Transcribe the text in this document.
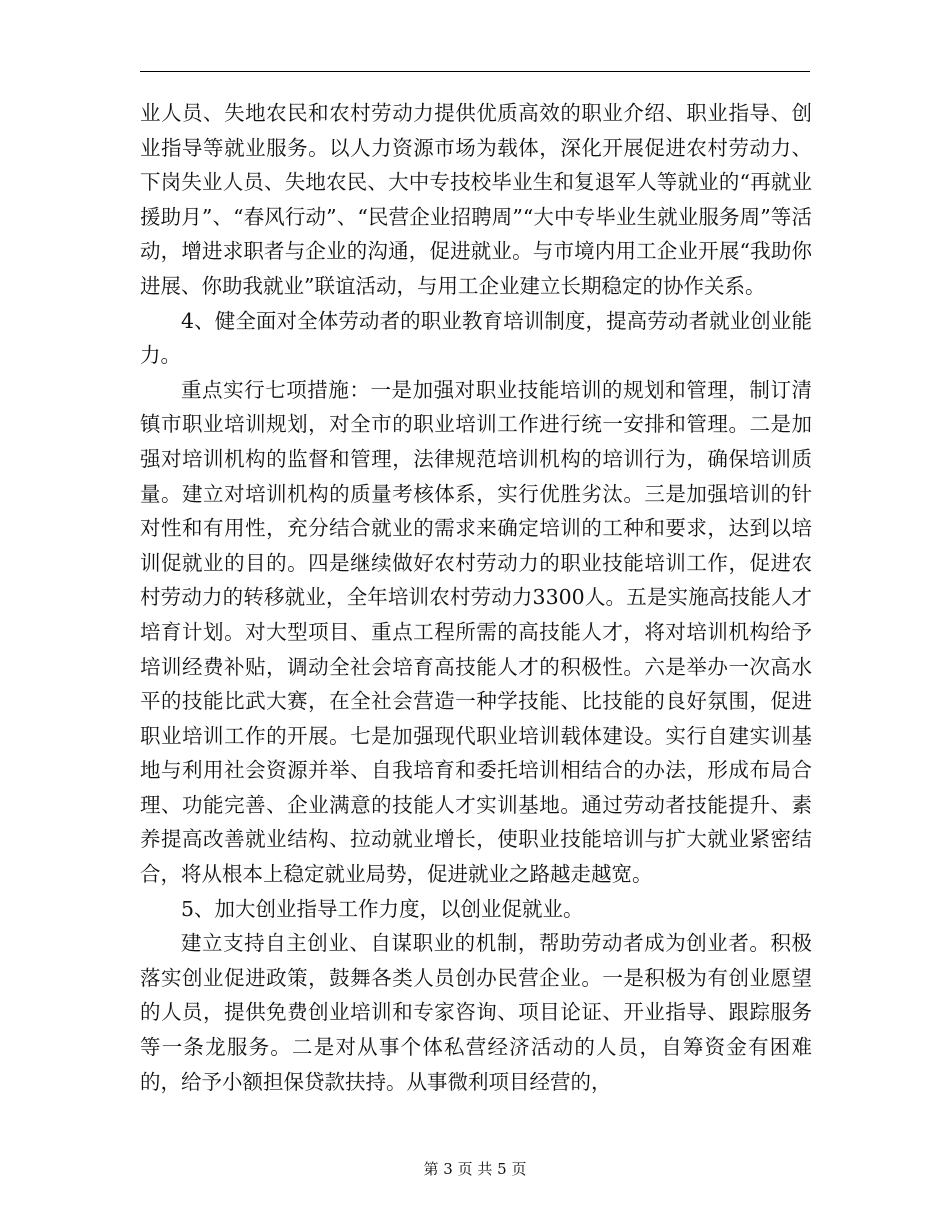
业人员、失地农民和农村劳动力提供优质高效的职业介绍、职业指导、创业指导等就业服务。以人力资源市场为载体，深化开展促进农村劳动力、下岗失业人员、失地农民、大中专技校毕业生和复退军人等就业的“再就业援助月”、“春风行动”、“民营企业招聘周”“大中专毕业生就业服务周”等活动，增进求职者与企业的沟通，促进就业。与市境内用工企业开展“我助你进展、你助我就业”联谊活动，与用工企业建立长期稳定的协作关系。

4、健全面对全体劳动者的职业教育培训制度，提高劳动者就业创业能力。

重点实行七项措施：一是加强对职业技能培训的规划和管理，制订清镇市职业培训规划，对全市的职业培训工作进行统一安排和管理。二是加强对培训机构的监督和管理，法律规范培训机构的培训行为，确保培训质量。建立对培训机构的质量考核体系，实行优胜劣汰。三是加强培训的针对性和有用性，充分结合就业的需求来确定培训的工种和要求，达到以培训促就业的目的。四是继续做好农村劳动力的职业技能培训工作，促进农村劳动力的转移就业，全年培训农村劳动力3300人。五是实施高技能人才培育计划。对大型项目、重点工程所需的高技能人才，将对培训机构给予培训经费补贴，调动全社会培育高技能人才的积极性。六是举办一次高水平的技能比武大赛，在全社会营造一种学技能、比技能的良好氛围，促进职业培训工作的开展。七是加强现代职业培训载体建设。实行自建实训基地与利用社会资源并举、自我培育和委托培训相结合的办法，形成布局合理、功能完善、企业满意的技能人才实训基地。通过劳动者技能提升、素养提高改善就业结构、拉动就业增长，使职业技能培训与扩大就业紧密结合，将从根本上稳定就业局势，促进就业之路越走越宽。

5、加大创业指导工作力度，以创业促就业。

建立支持自主创业、自谋职业的机制，帮助劳动者成为创业者。积极落实创业促进政策，鼓舞各类人员创办民营企业。一是积极为有创业愿望的人员，提供免费创业培训和专家咨询、项目论证、开业指导、跟踪服务等一条龙服务。二是对从事个体私营经济活动的人员，自筹资金有困难的，给予小额担保贷款扶持。从事微利项目经营的，

第 3 页 共 5 页
